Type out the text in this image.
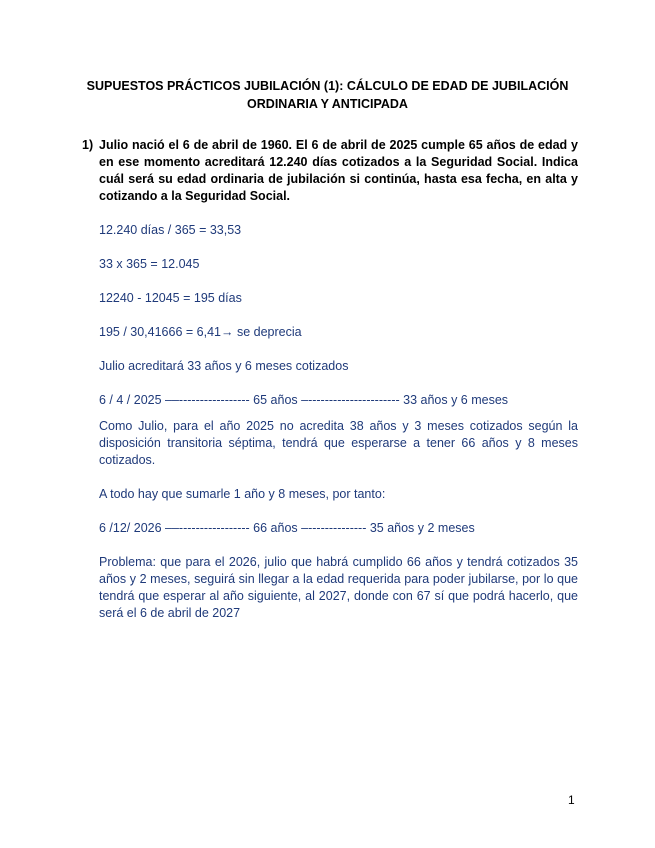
SUPUESTOS PRÁCTICOS JUBILACIÓN (1): CÁLCULO DE EDAD DE JUBILACIÓN
ORDINARIA Y ANTICIPADA
1) Julio nació el 6 de abril de 1960. El 6 de abril de 2025 cumple 65 años de edad y en ese momento acreditará 12.240 días cotizados a la Seguridad Social. Indica cuál será su edad ordinaria de jubilación si continúa, hasta esa fecha, en alta y cotizando a la Seguridad Social.
12.240 días / 365 = 33,53
33 x 365 = 12.045
12240 - 12045 = 195 días
195 / 30,41666 = 6,41→ se deprecia
Julio acreditará 33 años y 6 meses cotizados
6 / 4 / 2025 ––----------------- 65 años –---------------------- 33 años y 6 meses
Como Julio, para el año 2025 no acredita 38 años y 3 meses cotizados según la disposición transitoria séptima, tendrá que esperarse a tener 66 años y 8 meses cotizados.
A todo hay que sumarle 1 año y 8 meses, por tanto:
6 /12/ 2026 ––----------------- 66 años –-------------- 35 años y 2 meses
Problema: que para el 2026, julio que habrá cumplido 66 años y tendrá cotizados 35 años y 2 meses, seguirá sin llegar a la edad requerida para poder jubilarse, por lo que tendrá que esperar al año siguiente, al 2027, donde con 67 sí que podrá hacerlo, que será el 6 de abril de 2027
1
